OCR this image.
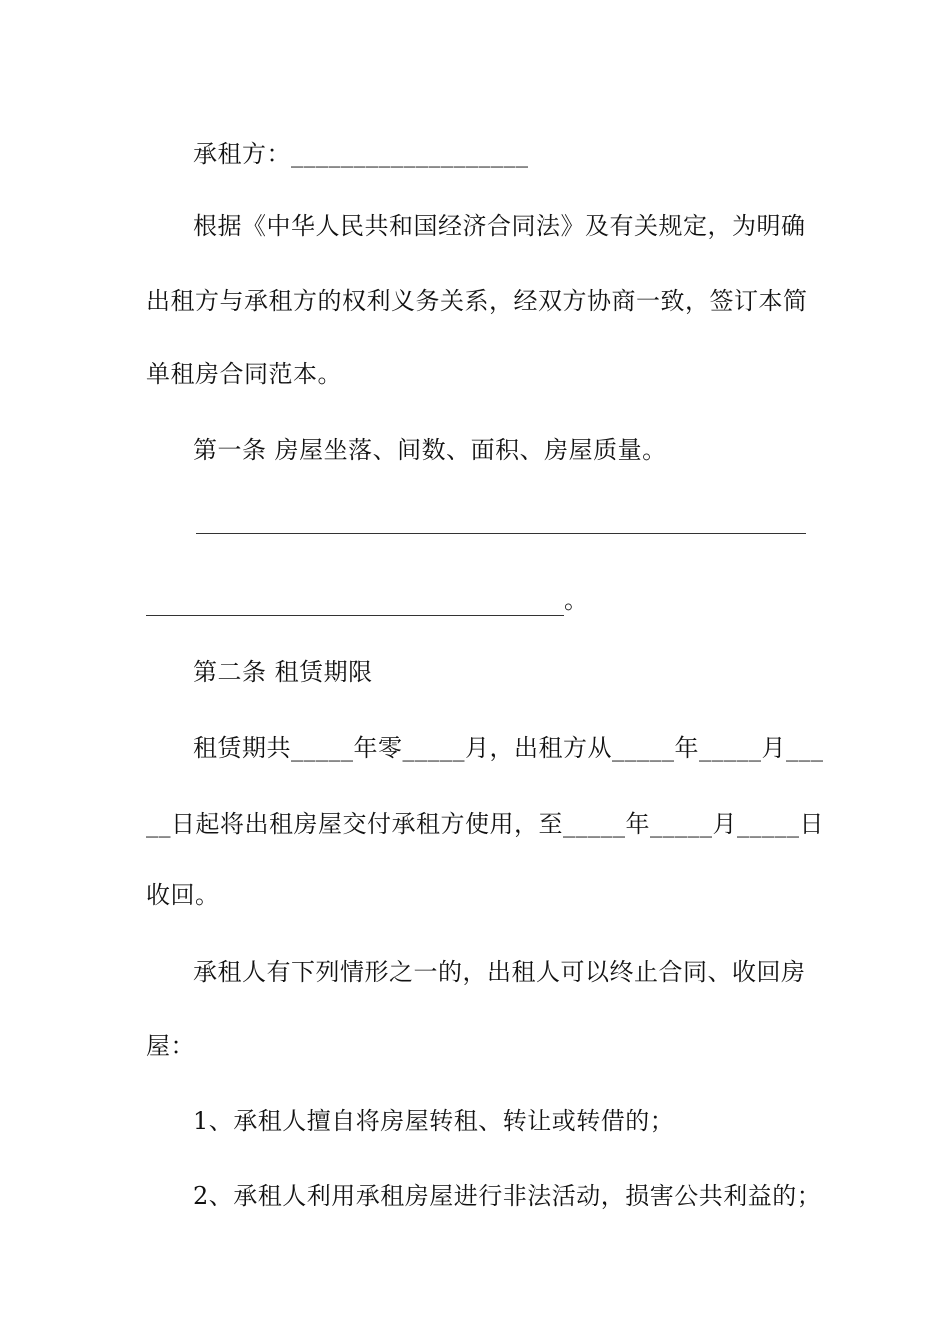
承租方：___________________
根据《中华人民共和国经济合同法》及有关规定，为明确
出租方与承租方的权利义务关系，经双方协商一致，签订本简
单租房合同范本。
第一条 房屋坐落、间数、面积、房屋质量。
。
第二条 租赁期限
租赁期共_____年零_____月，出租方从_____年_____月___
__日起将出租房屋交付承租方使用，至_____年_____月_____日
收回。
承租人有下列情形之一的，出租人可以终止合同、收回房
屋：
1、承租人擅自将房屋转租、转让或转借的；
2、承租人利用承租房屋进行非法活动，损害公共利益的；
